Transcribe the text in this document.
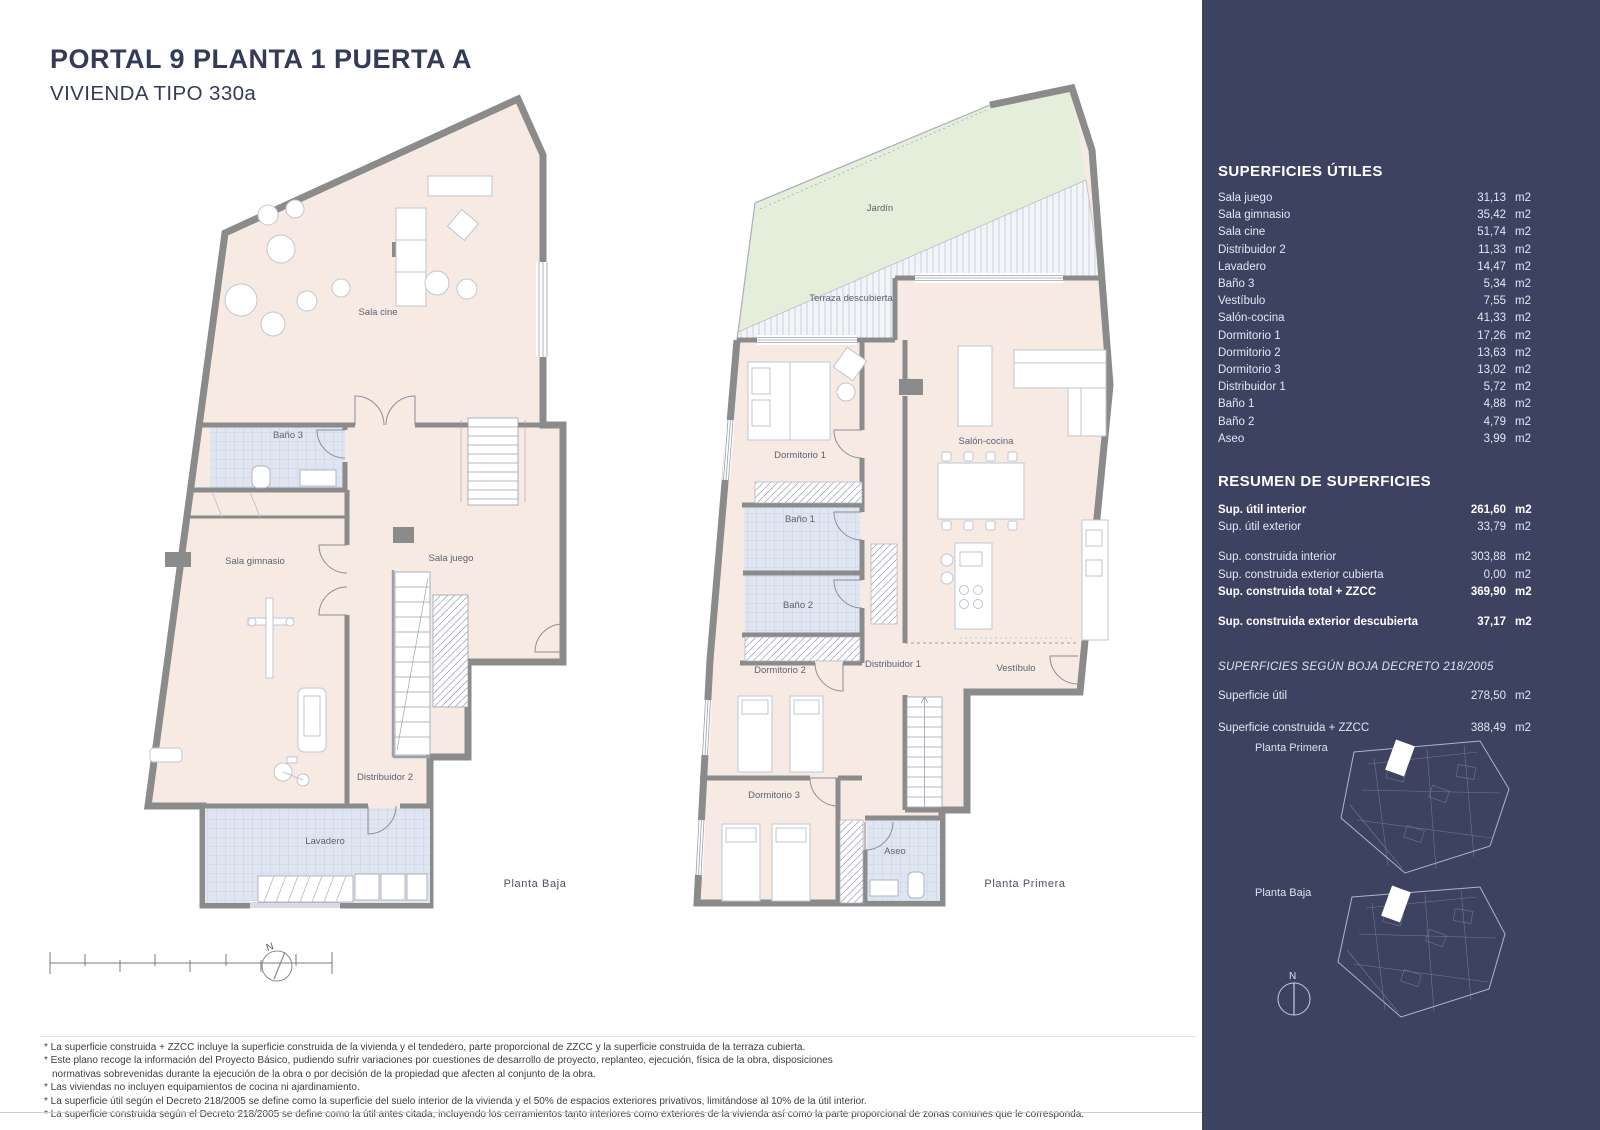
PORTAL 9 PLANTA 1 PUERTA A
VIVIENDA TIPO 330a
Sala cine
Baño 3
Sala gimnasio	Sala juego
Distribuidor 2
Lavadero
Planta Baja
Jardín
Terraza descubierta
Dormitorio 1
Salón-cocina
Baño 1
Baño 2
Dormitorio 2
Distribuidor 1	Vestíbulo
Dormitorio 3
Aseo
Planta Primera
N
* La superficie construida + ZZCC incluye la superficie construida de la vivienda y el tendedero, parte proporcional de ZZCC y la superficie construida de la terraza cubierta.
* Este plano recoge la información del Proyecto Básico, pudiendo sufrir variaciones por cuestiones de desarrollo de proyecto, replanteo, ejecución, física de la obra, disposiciones
normativas sobrevenidas durante la ejecución de la obra o por decisión de la propiedad que afecten al conjunto de la obra.
* Las viviendas no incluyen equipamientos de cocina ni ajardinamiento.
* La superficie útil según el Decreto 218/2005 se define como la superficie del suelo interior de la vivienda y el 50% de espacios exteriores privativos, limitándose al 10% de la útil interior.
* La superficie construida según el Decreto 218/2005 se define como la útil antes citada, incluyendo los cerramientos tanto interiores como exteriores de la vivienda así como la parte proporcional de zonas comunes que le corresponda.
SUPERFICIES ÚTILES
Sala juego	31,13 m2
Sala gimnasio	35,42 m2
Sala cine	51,74 m2
Distribuidor 2	11,33 m2
Lavadero	14,47 m2
Baño 3	5,34 m2
Vestíbulo	7,55 m2
Salón-cocina	41,33 m2
Dormitorio 1	17,26 m2
Dormitorio 2	13,63 m2
Dormitorio 3	13,02 m2
Distribuidor 1	5,72 m2
Baño 1	4,88 m2
Baño 2	4,79 m2
Aseo	3,99 m2
RESUMEN DE SUPERFICIES
Sup. útil interior	261,60 m2
Sup. útil exterior	33,79 m2
Sup. construida interior	303,88 m2
Sup. construida exterior cubierta	0,00 m2
Sup. construida total + ZZCC	369,90 m2
Sup. construida exterior descubierta	37,17 m2
SUPERFICIES SEGÚN BOJA DECRETO 218/2005
Superficie útil	278,50 m2
Superficie construida + ZZCC	388,49 m2
Planta Primera
Planta Baja
N
